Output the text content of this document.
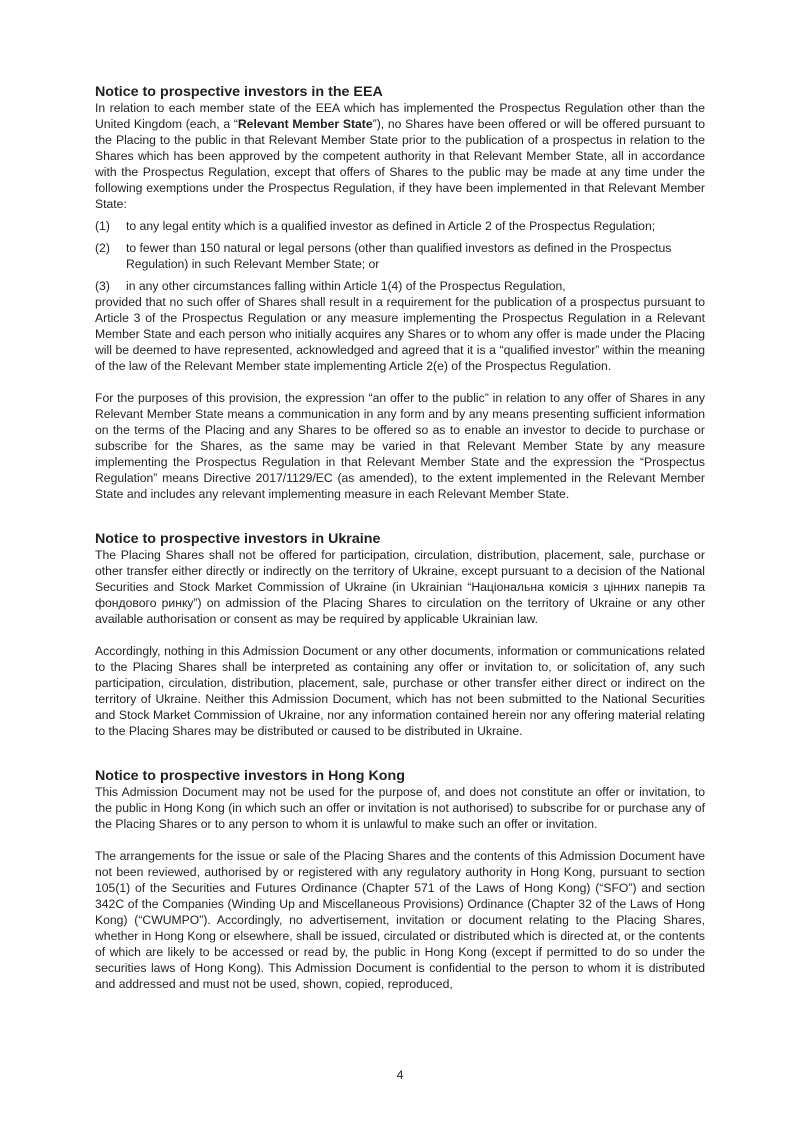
Notice to prospective investors in the EEA

In relation to each member state of the EEA which has implemented the Prospectus Regulation other than the United Kingdom (each, a “Relevant Member State”), no Shares have been offered or will be offered pursuant to the Placing to the public in that Relevant Member State prior to the publication of a prospectus in relation to the Shares which has been approved by the competent authority in that Relevant Member State, all in accordance with the Prospectus Regulation, except that offers of Shares to the public may be made at any time under the following exemptions under the Prospectus Regulation, if they have been implemented in that Relevant Member State:

(1)	to any legal entity which is a qualified investor as defined in Article 2 of the Prospectus Regulation;
(2)	to fewer than 150 natural or legal persons (other than qualified investors as defined in the Prospectus Regulation) in such Relevant Member State; or
(3)	in any other circumstances falling within Article 1(4) of the Prospectus Regulation,

provided that no such offer of Shares shall result in a requirement for the publication of a prospectus pursuant to Article 3 of the Prospectus Regulation or any measure implementing the Prospectus Regulation in a Relevant Member State and each person who initially acquires any Shares or to whom any offer is made under the Placing will be deemed to have represented, acknowledged and agreed that it is a “qualified investor” within the meaning of the law of the Relevant Member state implementing Article 2(e) of the Prospectus Regulation.

For the purposes of this provision, the expression “an offer to the public” in relation to any offer of Shares in any Relevant Member State means a communication in any form and by any means presenting sufficient information on the terms of the Placing and any Shares to be offered so as to enable an investor to decide to purchase or subscribe for the Shares, as the same may be varied in that Relevant Member State by any measure implementing the Prospectus Regulation in that Relevant Member State and the expression the “Prospectus Regulation” means Directive 2017/1129/EC (as amended), to the extent implemented in the Relevant Member State and includes any relevant implementing measure in each Relevant Member State.

Notice to prospective investors in Ukraine

The Placing Shares shall not be offered for participation, circulation, distribution, placement, sale, purchase or other transfer either directly or indirectly on the territory of Ukraine, except pursuant to a decision of the National Securities and Stock Market Commission of Ukraine (in Ukrainian “Національна комісія з цінних паперів та фондового ринку”) on admission of the Placing Shares to circulation on the territory of Ukraine or any other available authorisation or consent as may be required by applicable Ukrainian law.

Accordingly, nothing in this Admission Document or any other documents, information or communications related to the Placing Shares shall be interpreted as containing any offer or invitation to, or solicitation of, any such participation, circulation, distribution, placement, sale, purchase or other transfer either direct or indirect on the territory of Ukraine. Neither this Admission Document, which has not been submitted to the National Securities and Stock Market Commission of Ukraine, nor any information contained herein nor any offering material relating to the Placing Shares may be distributed or caused to be distributed in Ukraine.

Notice to prospective investors in Hong Kong

This Admission Document may not be used for the purpose of, and does not constitute an offer or invitation, to the public in Hong Kong (in which such an offer or invitation is not authorised) to subscribe for or purchase any of the Placing Shares or to any person to whom it is unlawful to make such an offer or invitation.

The arrangements for the issue or sale of the Placing Shares and the contents of this Admission Document have not been reviewed, authorised by or registered with any regulatory authority in Hong Kong, pursuant to section 105(1) of the Securities and Futures Ordinance (Chapter 571 of the Laws of Hong Kong) (“SFO”) and section 342C of the Companies (Winding Up and Miscellaneous Provisions) Ordinance (Chapter 32 of the Laws of Hong Kong) (“CWUMPO”). Accordingly, no advertisement, invitation or document relating to the Placing Shares, whether in Hong Kong or elsewhere, shall be issued, circulated or distributed which is directed at, or the contents of which are likely to be accessed or read by, the public in Hong Kong (except if permitted to do so under the securities laws of Hong Kong). This Admission Document is confidential to the person to whom it is distributed and addressed and must not be used, shown, copied, reproduced,

4
